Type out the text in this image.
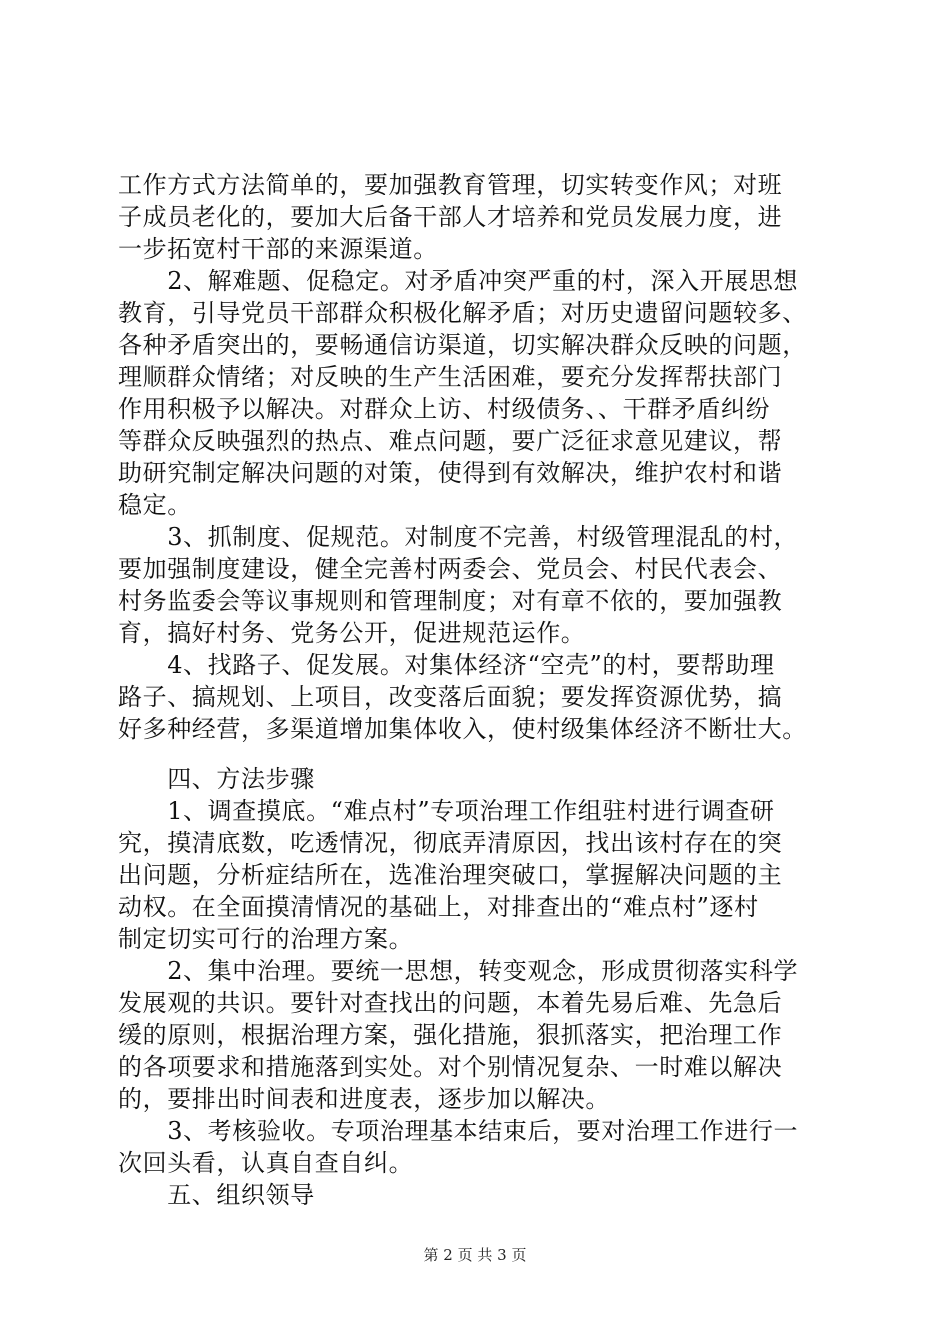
工作方式方法简单的，要加强教育管理，切实转变作风；对班
子成员老化的，要加大后备干部人才培养和党员发展力度，进
一步拓宽村干部的来源渠道。
　　2、解难题、促稳定。对矛盾冲突严重的村，深入开展思想
教育，引导党员干部群众积极化解矛盾；对历史遗留问题较多、
各种矛盾突出的，要畅通信访渠道，切实解决群众反映的问题，
理顺群众情绪；对反映的生产生活困难，要充分发挥帮扶部门
作用积极予以解决。对群众上访、村级债务、、干群矛盾纠纷
等群众反映强烈的热点、难点问题，要广泛征求意见建议，帮
助研究制定解决问题的对策，使得到有效解决，维护农村和谐
稳定。
　　3、抓制度、促规范。对制度不完善，村级管理混乱的村，
要加强制度建设，健全完善村两委会、党员会、村民代表会、
村务监委会等议事规则和管理制度；对有章不依的，要加强教
育，搞好村务、党务公开，促进规范运作。
　　4、找路子、促发展。对集体经济“空壳”的村，要帮助理
路子、搞规划、上项目，改变落后面貌；要发挥资源优势，搞
好多种经营，多渠道增加集体收入，使村级集体经济不断壮大。
　　四、方法步骤
　　1、调查摸底。“难点村”专项治理工作组驻村进行调查研
究，摸清底数，吃透情况，彻底弄清原因，找出该村存在的突
出问题，分析症结所在，选准治理突破口，掌握解决问题的主
动权。在全面摸清情况的基础上，对排查出的“难点村”逐村
制定切实可行的治理方案。
　　2、集中治理。要统一思想，转变观念，形成贯彻落实科学
发展观的共识。要针对查找出的问题，本着先易后难、先急后
缓的原则，根据治理方案，强化措施，狠抓落实，把治理工作
的各项要求和措施落到实处。对个别情况复杂、一时难以解决
的，要排出时间表和进度表，逐步加以解决。
　　3、考核验收。专项治理基本结束后，要对治理工作进行一
次回头看，认真自查自纠。
　　五、组织领导
第 2 页 共 3 页
